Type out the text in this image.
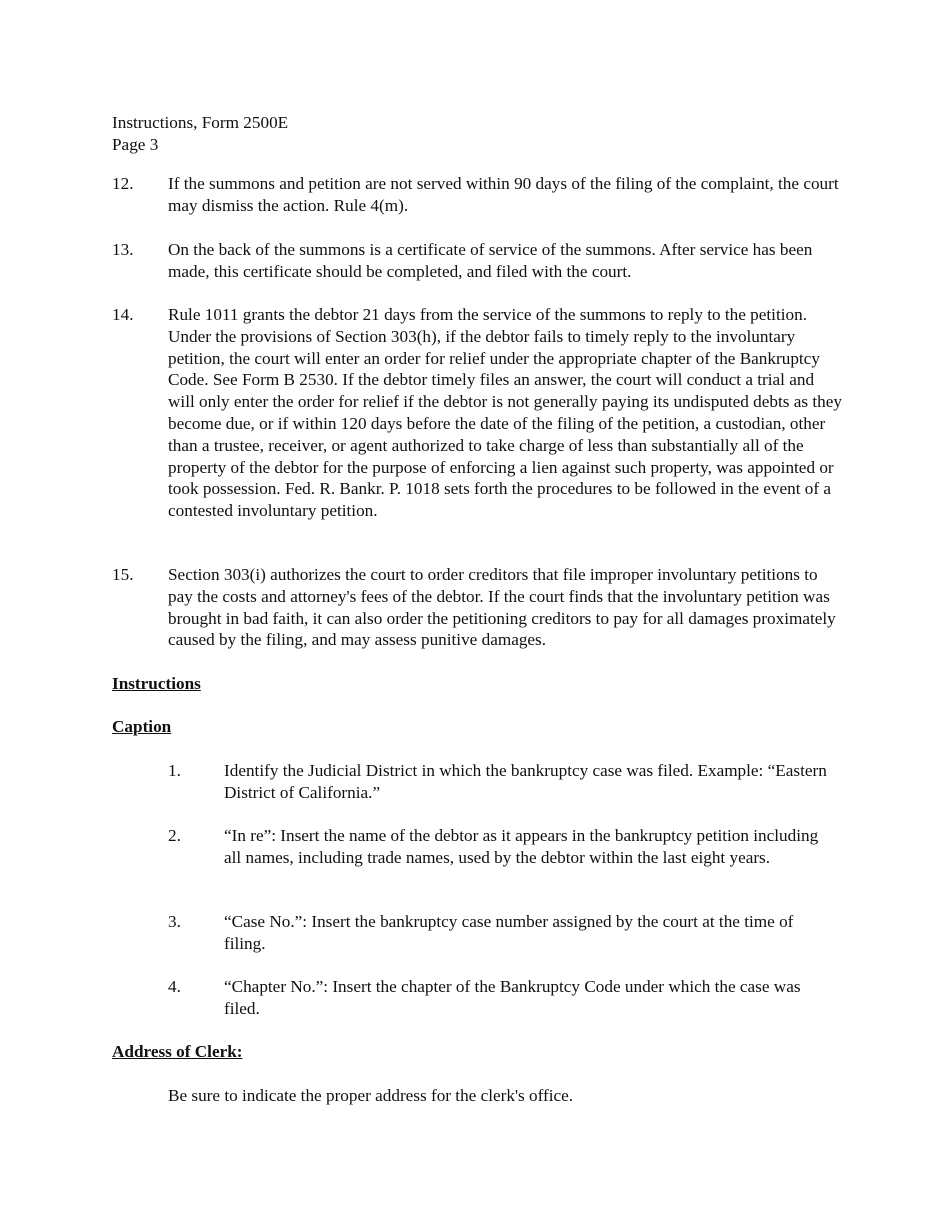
Instructions, Form 2500E
Page 3
12.	If the summons and petition are not served within 90 days of the filing of the complaint, the court may dismiss the action. Rule 4(m).
13.	On the back of the summons is a certificate of service of the summons. After service has been made, this certificate should be completed, and filed with the court.
14.	Rule 1011 grants the debtor 21 days from the service of the summons to reply to the petition. Under the provisions of Section 303(h), if the debtor fails to timely reply to the involuntary petition, the court will enter an order for relief under the appropriate chapter of the Bankruptcy Code. See Form B 2530. If the debtor timely files an answer, the court will conduct a trial and will only enter the order for relief if the debtor is not generally paying its undisputed debts as they become due, or if within 120 days before the date of the filing of the petition, a custodian, other than a trustee, receiver, or agent authorized to take charge of less than substantially all of the property of the debtor for the purpose of enforcing a lien against such property, was appointed or took possession. Fed. R. Bankr. P. 1018 sets forth the procedures to be followed in the event of a contested involuntary petition.
15.	Section 303(i) authorizes the court to order creditors that file improper involuntary petitions to pay the costs and attorney's fees of the debtor. If the court finds that the involuntary petition was brought in bad faith, it can also order the petitioning creditors to pay for all damages proximately caused by the filing, and may assess punitive damages.
Instructions
Caption
1.	Identify the Judicial District in which the bankruptcy case was filed. Example: “Eastern District of California.”
2.	“In re”: Insert the name of the debtor as it appears in the bankruptcy petition including all names, including trade names, used by the debtor within the last eight years.
3.	“Case No.”: Insert the bankruptcy case number assigned by the court at the time of filing.
4.	“Chapter No.”: Insert the chapter of the Bankruptcy Code under which the case was filed.
Address of Clerk:
Be sure to indicate the proper address for the clerk's office.
